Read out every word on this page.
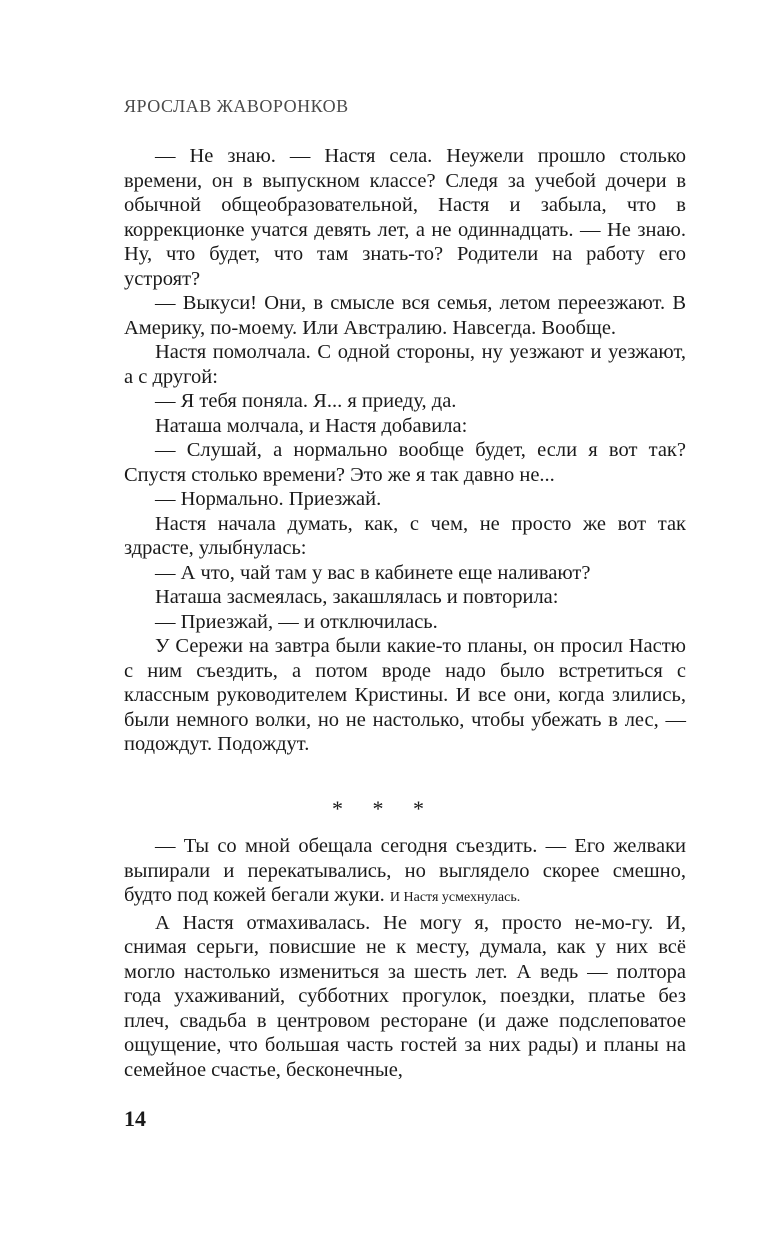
ЯРОСЛАВ ЖАВОРОНКОВ

— Не знаю. — Настя села. Неужели прошло столько времени, он в выпускном классе? Следя за учебой дочери в обычной общеобразовательной, Настя и забыла, что в коррекционке учатся девять лет, а не одиннадцать. — Не знаю. Ну, что будет, что там знать-то? Родители на работу его устроят?

— Выкуси! Они, в смысле вся семья, летом переезжают. В Америку, по-моему. Или Австралию. Навсегда. Вообще.

Настя помолчала. С одной стороны, ну уезжают и уезжают, а с другой:

— Я тебя поняла. Я... я приеду, да.

Наташа молчала, и Настя добавила:

— Слушай, а нормально вообще будет, если я вот так? Спустя столько времени? Это же я так давно не...

— Нормально. Приезжай.

Настя начала думать, как, с чем, не просто же вот так здрасте, улыбнулась:

— А что, чай там у вас в кабинете еще наливают?

Наташа засмеялась, закашлялась и повторила:

— Приезжай, — и отключилась.

У Сережи на завтра были какие-то планы, он просил Настю с ним съездить, а потом вроде надо было встретиться с классным руководителем Кристины. И все они, когда злились, были немного волки, но не настолько, чтобы убежать в лес, — подождут. Подождут.

* * *

— Ты со мной обещала сегодня съездить. — Его желваки выпирали и перекатывались, но выглядело скорее смешно, будто под кожей бегали жуки. И Настя усмехнулась.

А Настя отмахивалась. Не могу я, просто не-мо-гу. И, снимая серьги, повисшие не к месту, думала, как у них всё могло настолько измениться за шесть лет. А ведь — полтора года ухаживаний, субботних прогулок, поездки, платье без плеч, свадьба в центровом ресторане (и даже подслеповатое ощущение, что большая часть гостей за них рады) и планы на семейное счастье, бесконечные,

14
